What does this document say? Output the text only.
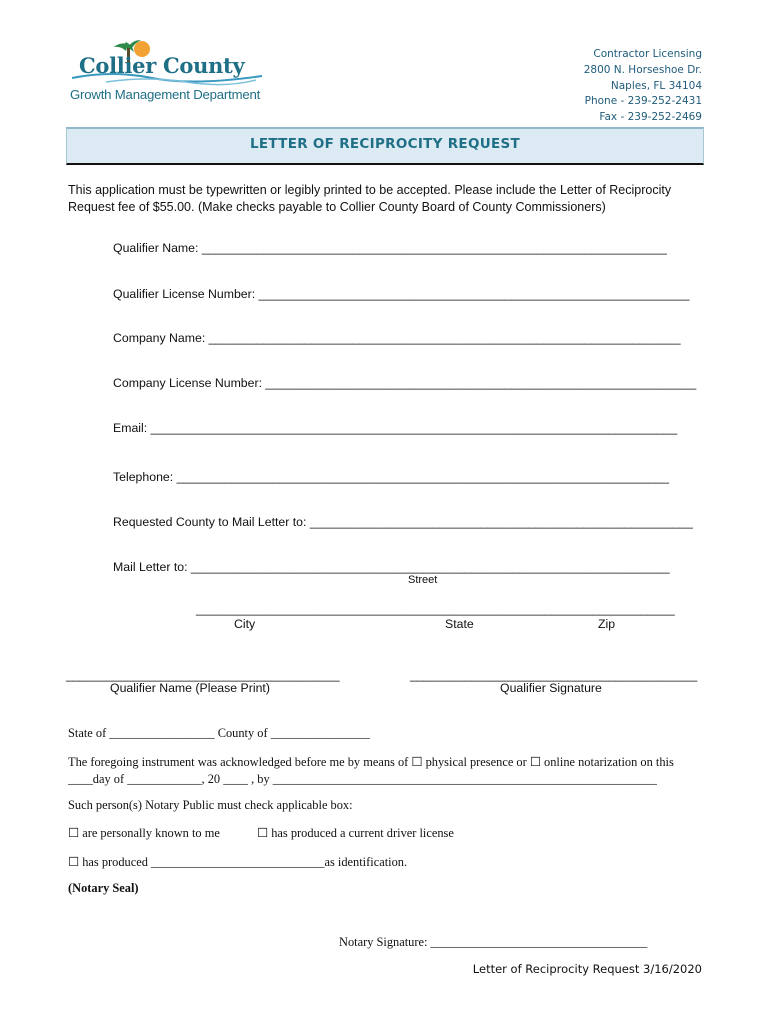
Collier County
Growth Management Department
Contractor Licensing
2800 N. Horseshoe Dr.
Naples, FL 34104
Phone - 239-252-2431
Fax - 239-252-2469
LETTER OF RECIPROCITY REQUEST
This application must be typewritten or legibly printed to be accepted. Please include the Letter of Reciprocity Request fee of $55.00. (Make checks payable to Collier County Board of County Commissioners)
Qualifier Name: ____________________________________________________________________
Qualifier License Number: _______________________________________________________________
Company Name: _____________________________________________________________________
Company License Number: _______________________________________________________________
Email: _____________________________________________________________________________
Telephone: ________________________________________________________________________
Requested County to Mail Letter to: ________________________________________________________
Mail Letter to: ______________________________________________________________________
Street
______________________________________________________________________
City	State	Zip
________________________________________	__________________________________________
Qualifier Name (Please Print)	Qualifier Signature
State of _________________ County of ________________
The foregoing instrument was acknowledged before me by means of ☐ physical presence or ☐ online notarization on this
____day of ____________, 20 ____ , by ______________________________________________________________
Such person(s) Notary Public must check applicable box:
☐ are personally known to me	☐ has produced a current driver license
☐ has produced ____________________________as identification.
(Notary Seal)
Notary Signature: ___________________________________
Letter of Reciprocity Request 3/16/2020
